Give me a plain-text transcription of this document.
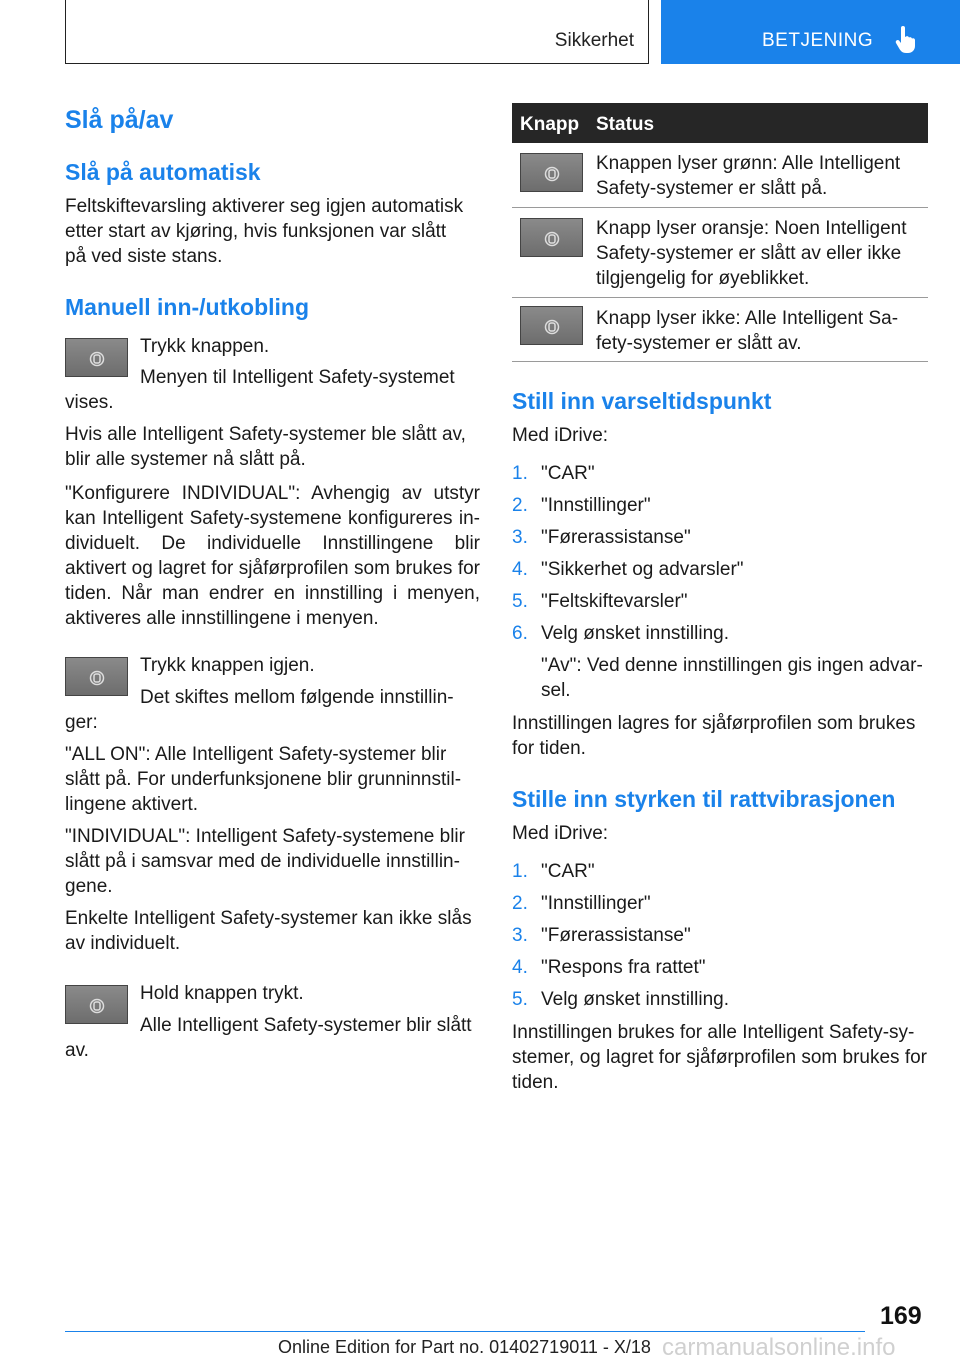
Sikkerhet	BETJENING
Slå på/av
Slå på automatisk
Feltskiftevarsling aktiverer seg igjen automatisk etter start av kjøring, hvis funksjonen var slått på ved siste stans.
Manuell inn-/utkobling
Trykk knappen.
Menyen til Intelligent Safety-systemet
vises.
Hvis alle Intelligent Safety-systemer ble slått av, blir alle systemer nå slått på.
"Konfigurere INDIVIDUAL": Avhengig av utstyr kan Intelligent Safety-systemene konfigureres individuelt. De individuelle Innstillingene blir aktivert og lagret for sjåførprofilen som brukes for tiden. Når man endrer en innstilling i menyen, aktiveres alle innstillingene i menyen.
Trykk knappen igjen.
Det skiftes mellom følgende innstillin-
ger:
"ALL ON": Alle Intelligent Safety-systemer blir slått på. For underfunksjonene blir grunninnstillingene aktivert.
"INDIVIDUAL": Intelligent Safety-systemene blir slått på i samsvar med de individuelle innstillingene.
Enkelte Intelligent Safety-systemer kan ikke slås av individuelt.
Hold knappen trykt.
Alle Intelligent Safety-systemer blir slått
av.
Knapp Status
Knappen lyser grønn: Alle Intelligent Safety-systemer er slått på.
Knapp lyser oransje: Noen Intelligent Safety-systemer er slått av eller ikke tilgjengelig for øyeblikket.
Knapp lyser ikke: Alle Intelligent Safety-systemer er slått av.
Still inn varseltidspunkt
Med iDrive:
1. "CAR"
2. "Innstillinger"
3. "Førerassistanse"
4. "Sikkerhet og advarsler"
5. "Feltskiftevarsler"
6. Velg ønsket innstilling.
"Av": Ved denne innstillingen gis ingen advarsel.
Innstillingen lagres for sjåførprofilen som brukes for tiden.
Stille inn styrken til rattvibrasjonen
Med iDrive:
1. "CAR"
2. "Innstillinger"
3. "Førerassistanse"
4. "Respons fra rattet"
5. Velg ønsket innstilling.
Innstillingen brukes for alle Intelligent Safety-systemer, og lagret for sjåførprofilen som brukes for tiden.
169
Online Edition for Part no. 01402719011 - X/18 carmanualsonline.info
